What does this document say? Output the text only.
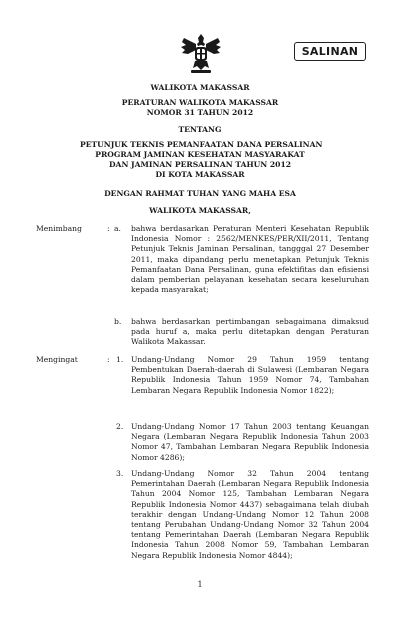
SALINAN
WALIKOTA MAKASSAR
PERATURAN WALIKOTA MAKASSAR
NOMOR 31 TAHUN 2012
TENTANG
PETUNJUK TEKNIS PEMANFAATAN DANA PERSALINAN
PROGRAM JAMINAN KESEHATAN MASYARAKAT
DAN JAMINAN PERSALINAN TAHUN 2012
DI KOTA MAKASSAR
DENGAN RAHMAT TUHAN YANG MAHA ESA
WALIKOTA MAKASSAR,
Menimbang	: a. bahwa berdasarkan Peraturan Menteri Kesehatan Republik Indonesia Nomor : 2562/MENKES/PER/XII/2011, Tentang Petunjuk Teknis Jaminan Persalinan, tangggal 27 Desember 2011, maka dipandang perlu menetapkan Petunjuk Teknis Pemanfaatan Dana Persalinan, guna efektifitas dan efisiensi dalam pemberian pelayanan kesehatan secara keseluruhan kepada masyarakat;
b. bahwa berdasarkan pertimbangan sebagaimana dimaksud pada huruf a, maka perlu ditetapkan dengan Peraturan Walikota Makassar.
Mengingat	: 1. Undang-Undang Nomor 29 Tahun 1959 tentang Pembentukan Daerah-daerah di Sulawesi (Lembaran Negara Republik Indonesia Tahun 1959 Nomor 74, Tambahan Lembaran Negara Republik Indonesia Nomor 1822);
2. Undang-Undang Nomor 17 Tahun 2003 tentang Keuangan Negara (Lembaran Negara Republik Indonesia Tahun 2003 Nomor 47, Tambahan Lembaran Negara Republik Indonesia Nomor 4286);
3. Undang-Undang Nomor 32 Tahun 2004 tentang Pemerintahan Daerah (Lembaran Negara Republik Indonesia Tahun 2004 Nomor 125, Tambahan Lembaran Negara Republik Indonesia Nomor 4437) sebagaimana telah diubah terakhir dengan Undang-Undang Nomor 12 Tahun 2008 tentang Perubahan Undang-Undang Nomor 32 Tahun 2004 tentang Pemerintahan Daerah (Lembaran Negara Republik Indonesia Tahun 2008 Nomor 59, Tambahan Lembaran Negara Republik Indonesia Nomor 4844);
1
